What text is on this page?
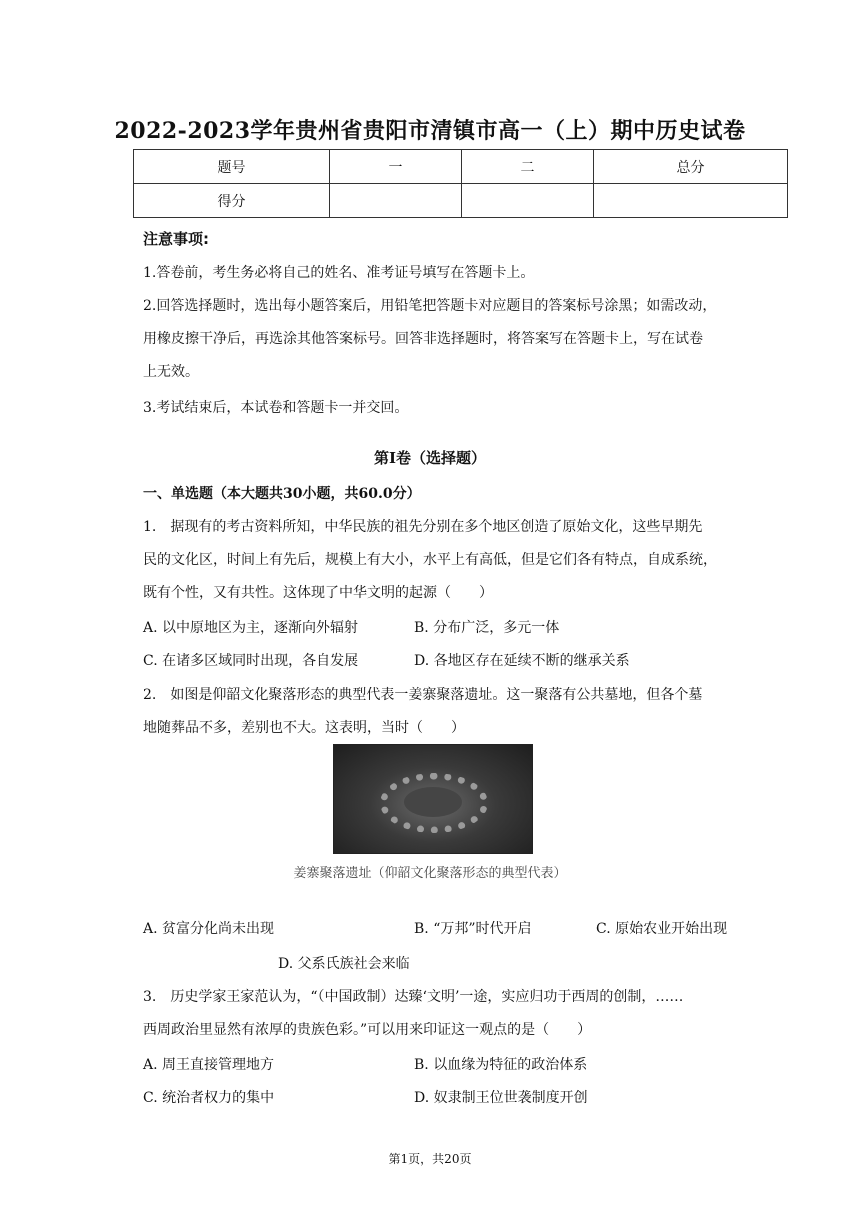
2022-2023学年贵州省贵阳市清镇市高一（上）期中历史试卷
题号	一	二	总分
得分			
注意事项:
1.答卷前，考生务必将自己的姓名、准考证号填写在答题卡上。
2.回答选择题时，选出每小题答案后，用铅笔把答题卡对应题目的答案标号涂黑；如需改动，
用橡皮擦干净后，再选涂其他答案标号。回答非选择题时，将答案写在答题卡上，写在试卷
上无效。
3.考试结束后，本试卷和答题卡一并交回。
第I卷（选择题）
一、单选题（本大题共30小题，共60.0分）
1.　据现有的考古资料所知，中华民族的祖先分别在多个地区创造了原始文化，这些早期先
民的文化区，时间上有先后，规模上有大小，水平上有高低，但是它们各有特点，自成系统，
既有个性，又有共性。这体现了中华文明的起源（　　）
A. 以中原地区为主，逐渐向外辐射	B. 分布广泛，多元一体
C. 在诸多区域同时出现，各自发展	D. 各地区存在延续不断的继承关系
2.　如图是仰韶文化聚落形态的典型代表一姜寨聚落遗址。这一聚落有公共墓地，但各个墓
地随葬品不多，差别也不大。这表明，当时（　　）
姜寨聚落遗址（仰韶文化聚落形态的典型代表）
A. 贫富分化尚未出现	B. “万邦”时代开启	C. 原始农业开始出现
D. 父系氏族社会来临
3.　历史学家王家范认为，“（中国政制）达臻‘文明’一途，实应归功于西周的创制，……
西周政治里显然有浓厚的贵族色彩。”可以用来印证这一观点的是（　　）
A. 周王直接管理地方	B. 以血缘为特征的政治体系
C. 统治者权力的集中	D. 奴隶制王位世袭制度开创
第1页，共20页
